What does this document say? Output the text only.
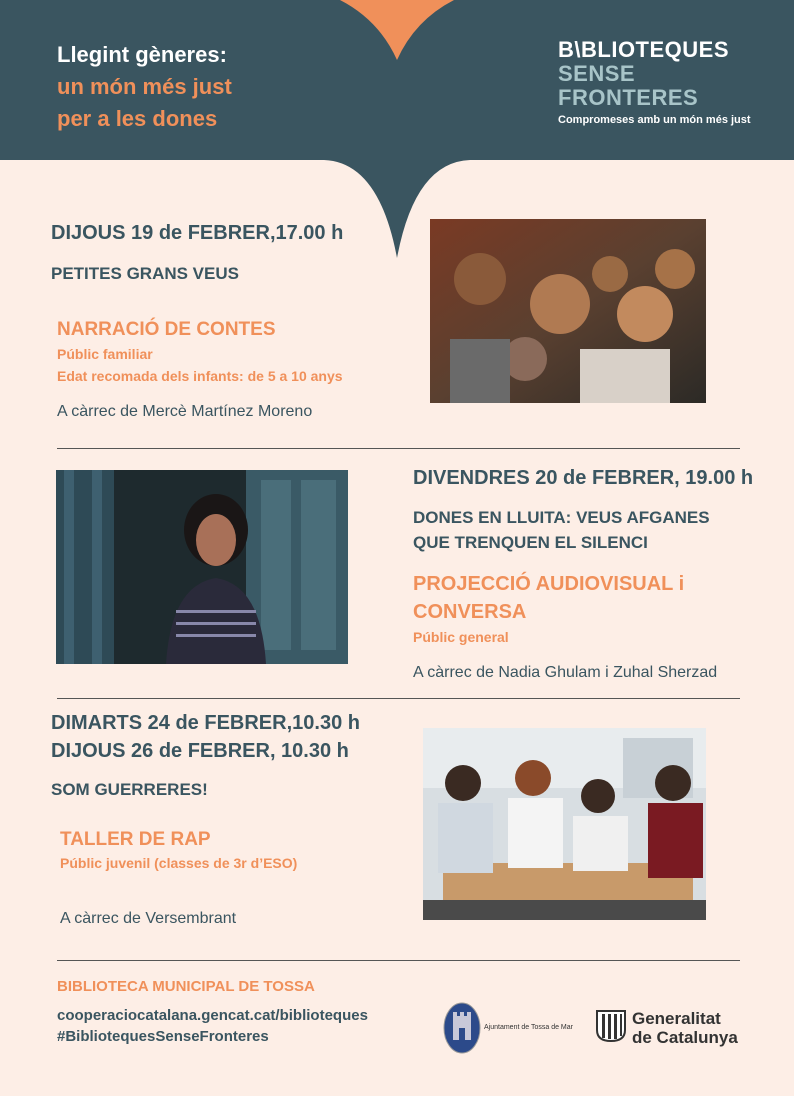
Llegint gèneres:
un món més just
per a les dones
B\BLIOTEQUES
SENSE
FRONTERES
Compromeses amb un món més just
DIJOUS 19 de FEBRER,17.00 h
PETITES GRANS VEUS
NARRACIÓ DE CONTES
Públic familiar
Edat recomada dels infants: de 5 a 10 anys
A càrrec de Mercè Martínez Moreno
DIVENDRES 20 de FEBRER, 19.00 h
DONES EN LLUITA: VEUS AFGANES
QUE TRENQUEN EL SILENCI
PROJECCIÓ AUDIOVISUAL i
CONVERSA
Públic general
A càrrec de Nadia Ghulam i Zuhal Sherzad
DIMARTS 24 de FEBRER,10.30 h
DIJOUS 26 de FEBRER, 10.30 h
SOM GUERRERES!
TALLER DE RAP
Públic juvenil (classes de 3r d’ESO)
A càrrec de Versembrant
BIBLIOTECA MUNICIPAL DE TOSSA
cooperaciocatalana.gencat.cat/biblioteques
#BibliotequesSenseFronteres
Ajuntament de Tossa de Mar	Generalitat
de Catalunya
